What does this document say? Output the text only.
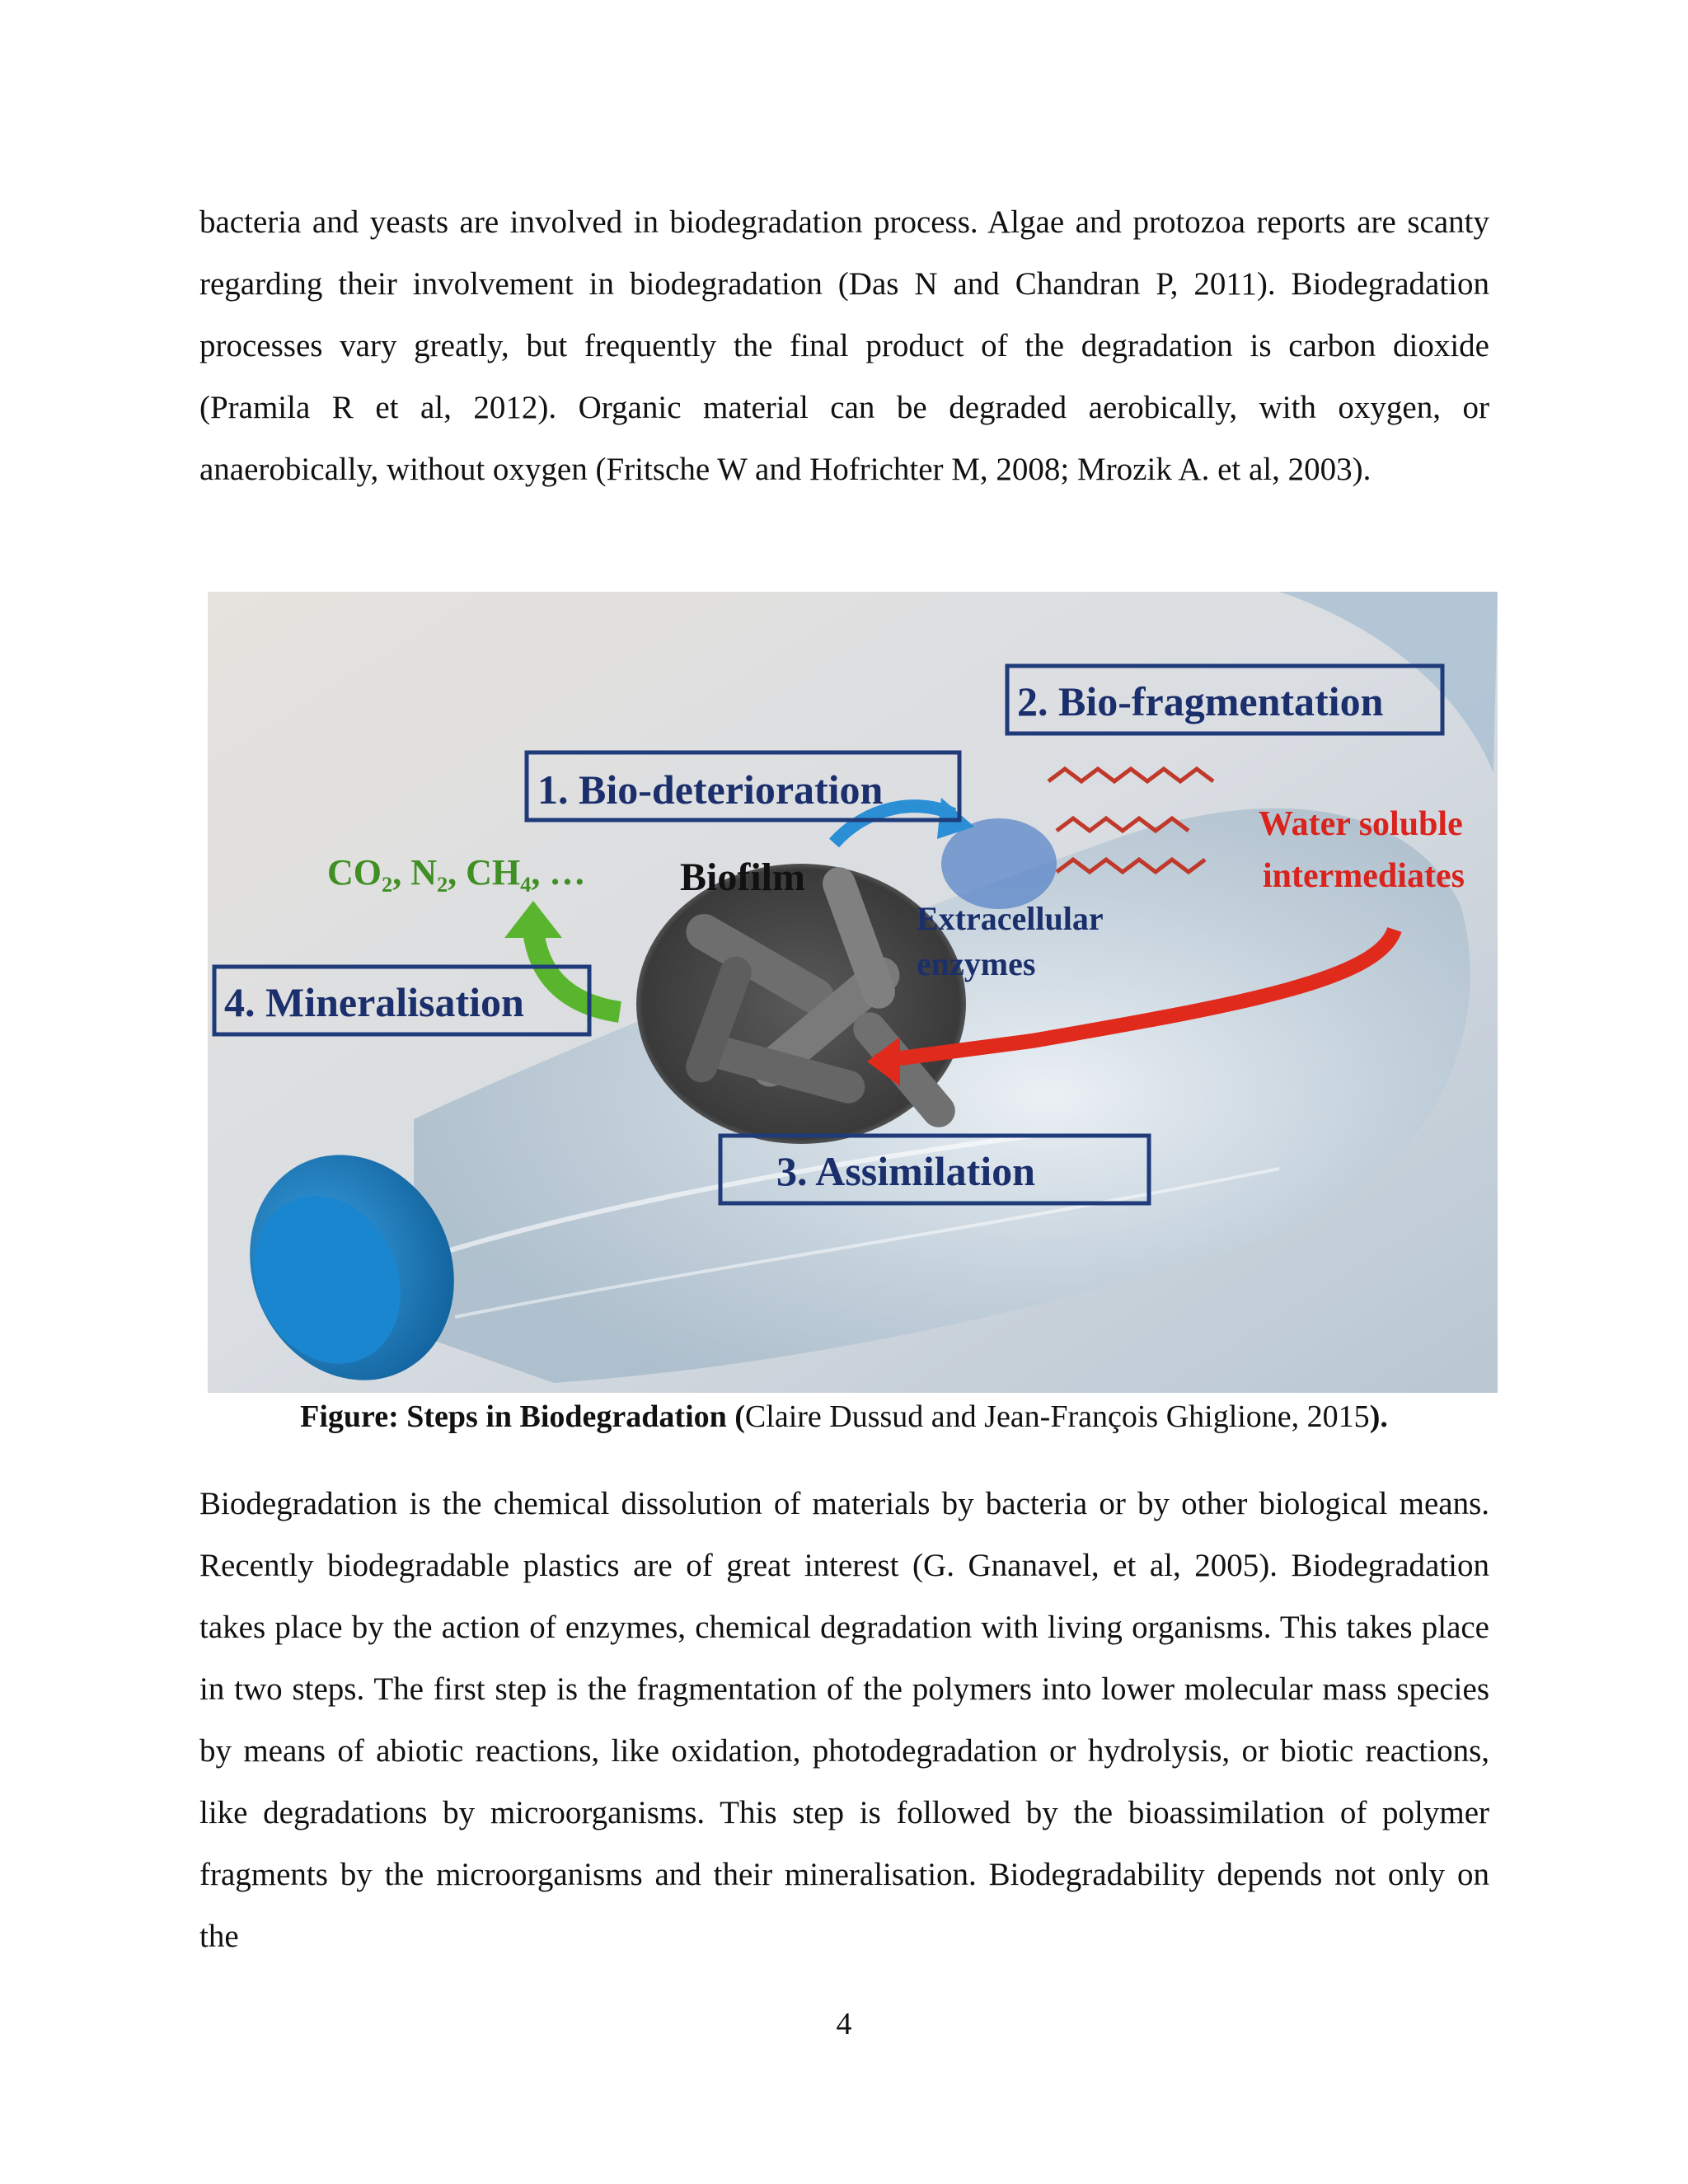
bacteria and yeasts are involved in biodegradation process. Algae and protozoa reports are scanty regarding their involvement in biodegradation (Das N and Chandran P, 2011). Biodegradation processes vary greatly, but frequently the final product of the degradation is carbon dioxide (Pramila R et al, 2012). Organic material can be degraded aerobically, with oxygen, or anaerobically, without oxygen (Fritsche W and Hofrichter M, 2008; Mrozik A. et al, 2003).

1. Bio-deterioration
2. Bio-fragmentation
3. Assimilation
4. Mineralisation
CO₂, N₂, CH₄, … Biofilm
Extracellular
enzymes
Water soluble
intermediates
Figure: Steps in Biodegradation (Claire Dussud and Jean-François Ghiglione, 2015).

Biodegradation is the chemical dissolution of materials by bacteria or by other biological means. Recently biodegradable plastics are of great interest (G. Gnanavel, et al, 2005). Biodegradation takes place by the action of enzymes, chemical degradation with living organisms. This takes place in two steps. The first step is the fragmentation of the polymers into lower molecular mass species by means of abiotic reactions, like oxidation, photodegradation or hydrolysis, or biotic reactions, like degradations by microorganisms. This step is followed by the bioassimilation of polymer fragments by the microorganisms and their mineralisation. Biodegradability depends not only on the

4
